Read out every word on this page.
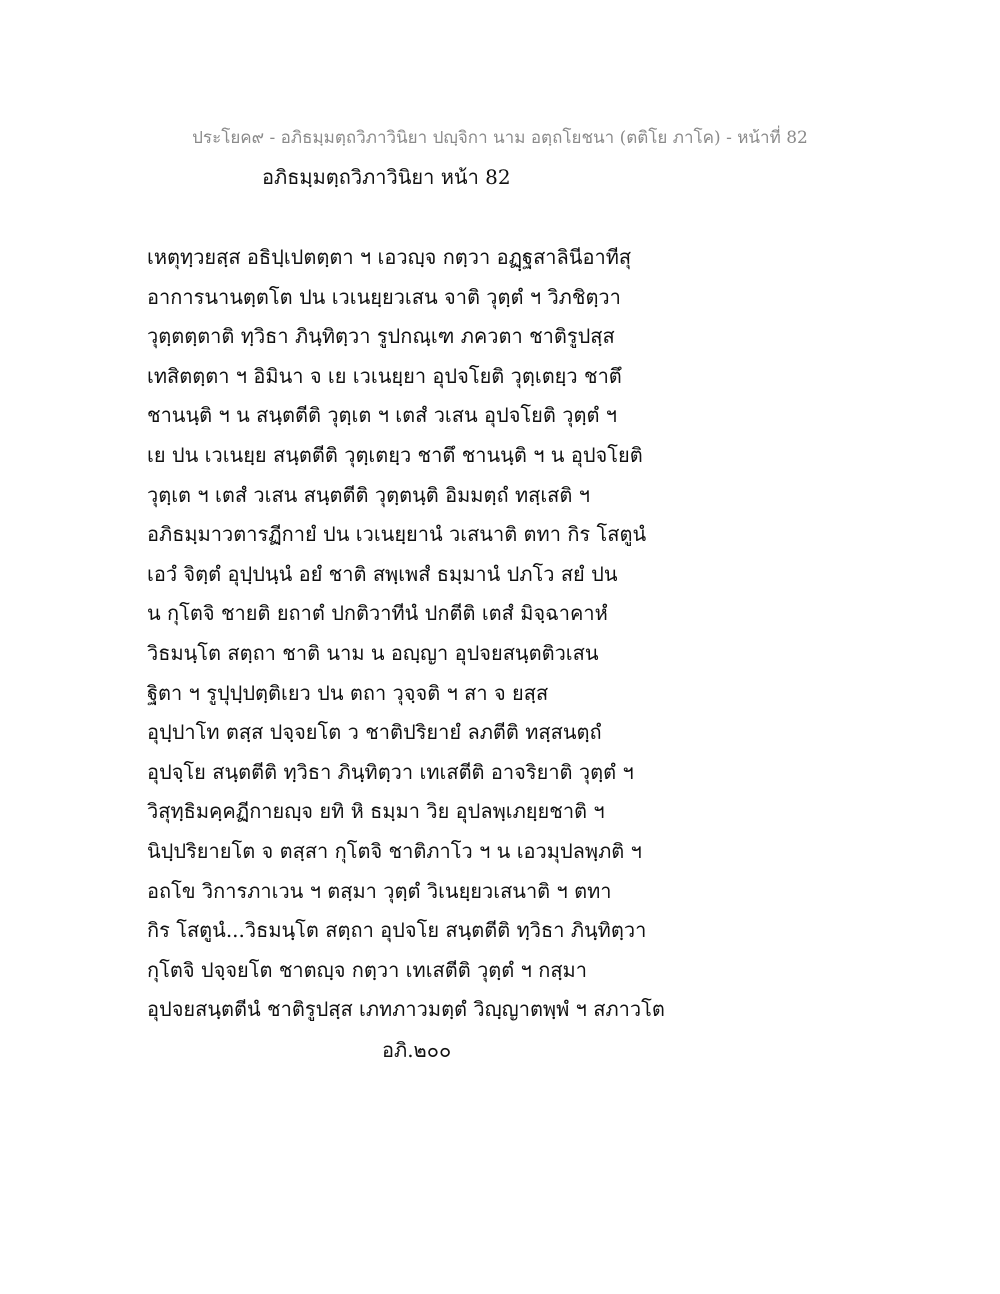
ประโยค๙ - อภิธมฺมตฺถวิภาวินิยา ปญฺจิกา นาม อตฺถโยชนา (ตติโย ภาโค) - หน้าที่ 82
อภิธมฺมตฺถวิภาวินิยา หน้า 82
เหตุทฺวยสฺส อธิปฺเปตตฺตา ฯ เอวญฺจ กตฺวา อฏฺฐสาลินีอาทีสุ
อาการนานตฺตโต ปน เวเนยฺยวเสน จาติ วุตฺตํ ฯ วิภชิตฺวา
วุตฺตตฺตาติ ทฺวิธา ภินฺทิตฺวา รูปกณฺเฑ ภควตา ชาติรูปสฺส
เทสิตตฺตา ฯ อิมินา จ เย เวเนยฺยา อุปจโยติ วุตฺเตยฺว ชาตึ
ชานนฺติ ฯ น สนฺตตีติ วุตฺเต ฯ เตสํ วเสน อุปจโยติ วุตฺตํ ฯ
เย ปน เวเนยฺย สนฺตตีติ วุตฺเตยฺว ชาตึ ชานนฺติ ฯ น อุปจโยติ
วุตฺเต ฯ เตสํ วเสน สนฺตตีติ วุตฺตนฺติ อิมมตฺถํ ทสฺเสติ ฯ
อภิธมฺมาวตารฏีกายํ ปน เวเนยฺยานํ วเสนาติ ตทา กิร โสตูนํ
เอวํ จิตฺตํ อุปฺปนฺนํ อยํ ชาติ สพฺเพสํ ธมฺมานํ ปภโว สยํ ปน
น กุโตจิ ชายติ ยถาตํ ปกติวาทีนํ ปกตีติ เตสํ มิจฺฉาคาหํ
วิธมนฺโต สตฺถา ชาติ นาม น อญฺญา อุปจยสนฺตติวเสน
ฐิตา ฯ รูปุปฺปตฺติเยว ปน ตถา วุจฺจติ ฯ สา จ ยสฺส
อุปฺปาโท ตสฺส ปจฺจยโต ว ชาติปริยายํ ลภตีติ ทสฺสนตฺถํ
อุปจฺโย สนฺตตีติ ทฺวิธา ภินฺทิตฺวา เทเสตีติ อาจริยาติ วุตฺตํ ฯ
วิสุทฺธิมคฺคฏีกายญฺจ ยทิ หิ ธมฺมา วิย อุปลพฺเภยฺยชาติ ฯ
นิปฺปริยายโต จ ตสฺสา กุโตจิ ชาติภาโว ฯ น เอวมุปลพฺภติ ฯ
อถโข วิการภาเวน ฯ ตสฺมา วุตฺตํ วิเนยฺยวเสนาติ ฯ ตทา
กิร โสตูนํ...วิธมนฺโต สตฺถา อุปจโย สนฺตตีติ ทฺวิธา ภินฺทิตฺวา
กุโตจิ ปจฺจยโต ชาตญฺจ กตฺวา เทเสตีติ วุตฺตํ ฯ กสฺมา
อุปจยสนฺตตีนํ ชาติรูปสฺส เภทภาวมตฺตํ วิญฺญาตพฺพํ ฯ สภาวโต
อภิ.๒๐๐
